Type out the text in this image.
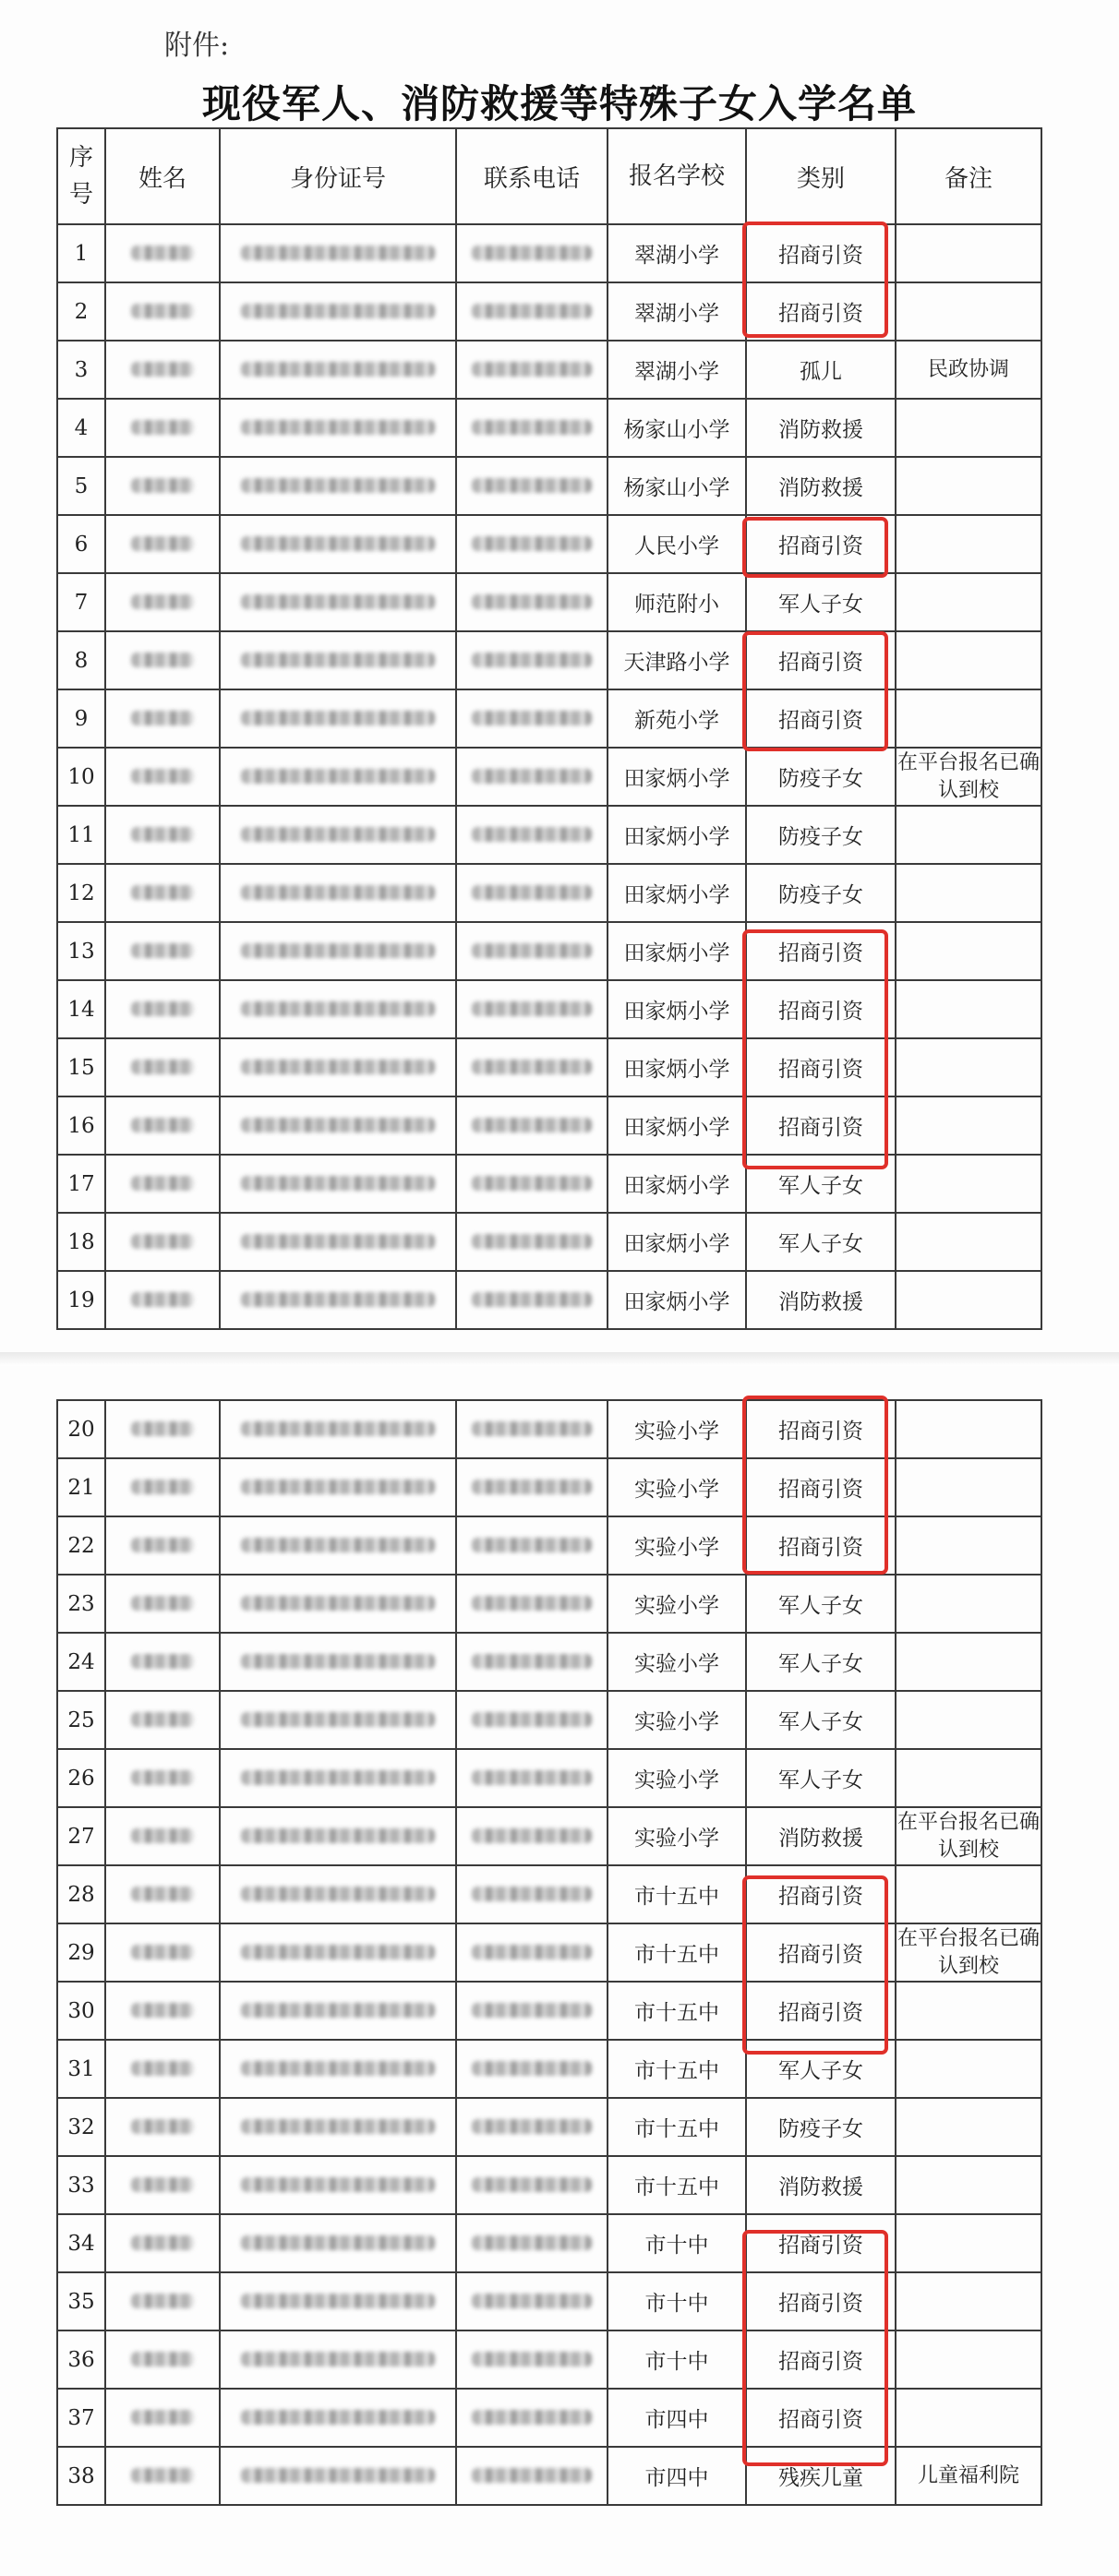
附件:
现役军人、消防救援等特殊子女入学名单
序号	姓名	身份证号	联系电话	报名学校	类别	备注
1				翠湖小学	招商引资	
2				翠湖小学	招商引资	
3				翠湖小学	孤儿	民政协调
4				杨家山小学	消防救援	
5				杨家山小学	消防救援	
6				人民小学	招商引资	
7				师范附小	军人子女	
8				天津路小学	招商引资	
9				新苑小学	招商引资	
10				田家炳小学	防疫子女	在平台报名已确认到校
11				田家炳小学	防疫子女	
12				田家炳小学	防疫子女	
13				田家炳小学	招商引资	
14				田家炳小学	招商引资	
15				田家炳小学	招商引资	
16				田家炳小学	招商引资	
17				田家炳小学	军人子女	
18				田家炳小学	军人子女	
19				田家炳小学	消防救援	
20				实验小学	招商引资	
21				实验小学	招商引资	
22				实验小学	招商引资	
23				实验小学	军人子女	
24				实验小学	军人子女	
25				实验小学	军人子女	
26				实验小学	军人子女	
27				实验小学	消防救援	在平台报名已确认到校
28				市十五中	招商引资	
29				市十五中	招商引资	在平台报名已确认到校
30				市十五中	招商引资	
31				市十五中	军人子女	
32				市十五中	防疫子女	
33				市十五中	消防救援	
34				市十中	招商引资	
35				市十中	招商引资	
36				市十中	招商引资	
37				市四中	招商引资	
38				市四中	残疾儿童	儿童福利院
